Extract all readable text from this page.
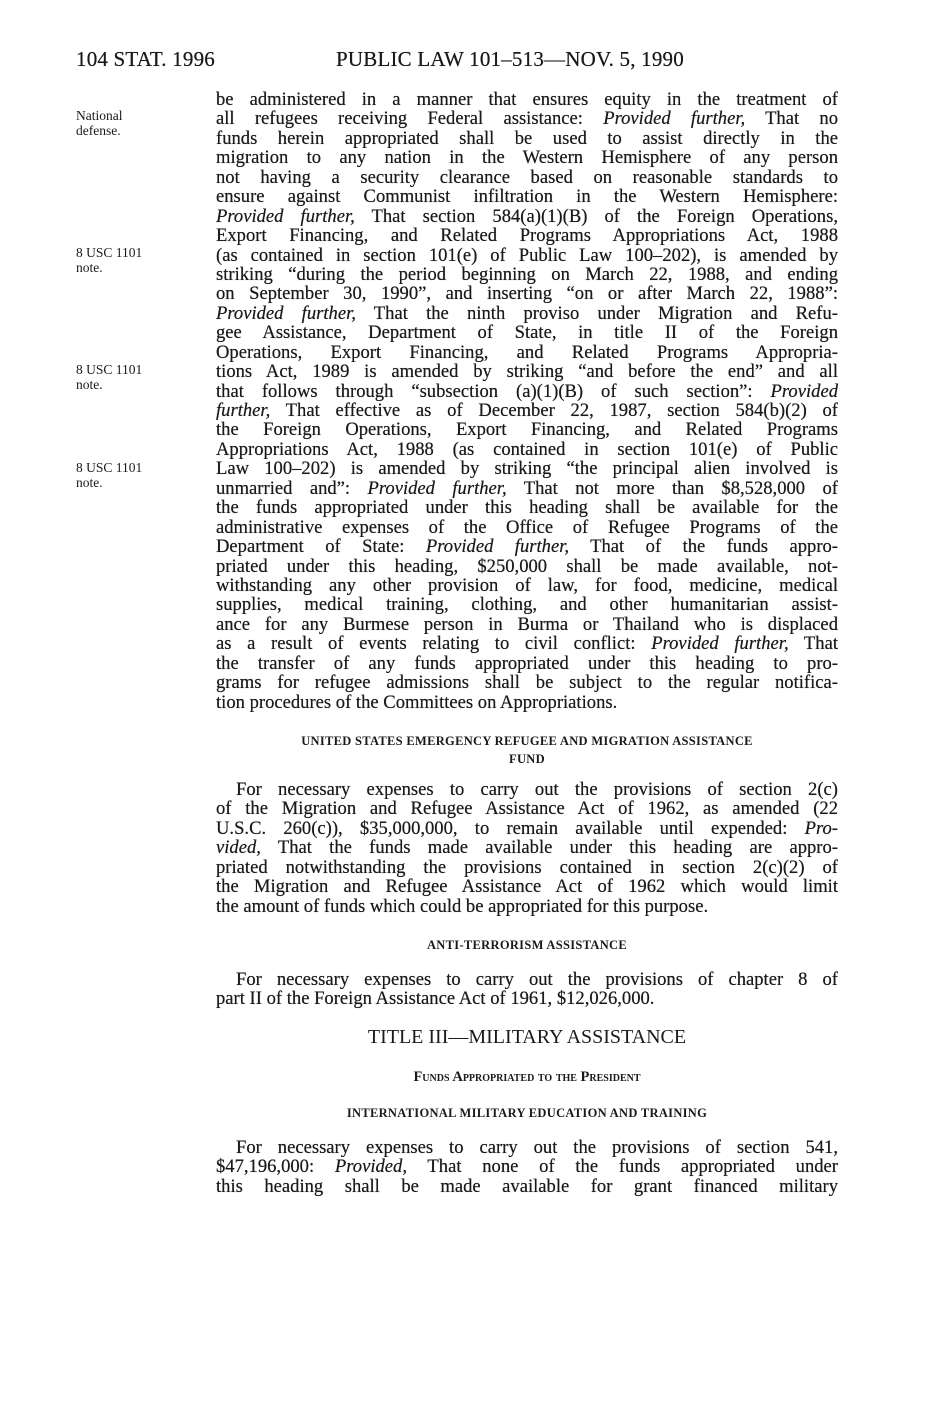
104 STAT. 1996	PUBLIC LAW 101–513—NOV. 5, 1990
National
defense.
8 USC 1101
note.
8 USC 1101
note.
8 USC 1101
note.
be administered in a manner that ensures equity in the treatment of
all refugees receiving Federal assistance: Provided further, That no
funds herein appropriated shall be used to assist directly in the
migration to any nation in the Western Hemisphere of any person
not having a security clearance based on reasonable standards to
ensure against Communist infiltration in the Western Hemisphere:
Provided further, That section 584(a)(1)(B) of the Foreign Operations,
Export Financing, and Related Programs Appropriations Act, 1988
(as contained in section 101(e) of Public Law 100–202), is amended by
striking “during the period beginning on March 22, 1988, and ending
on September 30, 1990”, and inserting “on or after March 22, 1988”:
Provided further, That the ninth proviso under Migration and Refu-
gee Assistance, Department of State, in title II of the Foreign
Operations, Export Financing, and Related Programs Appropria-
tions Act, 1989 is amended by striking “and before the end” and all
that follows through “subsection (a)(1)(B) of such section”: Provided
further, That effective as of December 22, 1987, section 584(b)(2) of
the Foreign Operations, Export Financing, and Related Programs
Appropriations Act, 1988 (as contained in section 101(e) of Public
Law 100–202) is amended by striking “the principal alien involved is
unmarried and”: Provided further, That not more than $8,528,000 of
the funds appropriated under this heading shall be available for the
administrative expenses of the Office of Refugee Programs of the
Department of State: Provided further, That of the funds appro-
priated under this heading, $250,000 shall be made available, not-
withstanding any other provision of law, for food, medicine, medical
supplies, medical training, clothing, and other humanitarian assist-
ance for any Burmese person in Burma or Thailand who is displaced
as a result of events relating to civil conflict: Provided further, That
the transfer of any funds appropriated under this heading to pro-
grams for refugee admissions shall be subject to the regular notifica-
tion procedures of the Committees on Appropriations.
UNITED STATES EMERGENCY REFUGEE AND MIGRATION ASSISTANCE
FUND
For necessary expenses to carry out the provisions of section 2(c)
of the Migration and Refugee Assistance Act of 1962, as amended (22
U.S.C. 260(c)), $35,000,000, to remain available until expended: Pro-
vided, That the funds made available under this heading are appro-
priated notwithstanding the provisions contained in section 2(c)(2) of
the Migration and Refugee Assistance Act of 1962 which would limit
the amount of funds which could be appropriated for this purpose.
ANTI-TERRORISM ASSISTANCE
For necessary expenses to carry out the provisions of chapter 8 of
part II of the Foreign Assistance Act of 1961, $12,026,000.
TITLE III—MILITARY ASSISTANCE
Funds Appropriated to the President
INTERNATIONAL MILITARY EDUCATION AND TRAINING
For necessary expenses to carry out the provisions of section 541,
$47,196,000: Provided, That none of the funds appropriated under
this heading shall be made available for grant financed military
